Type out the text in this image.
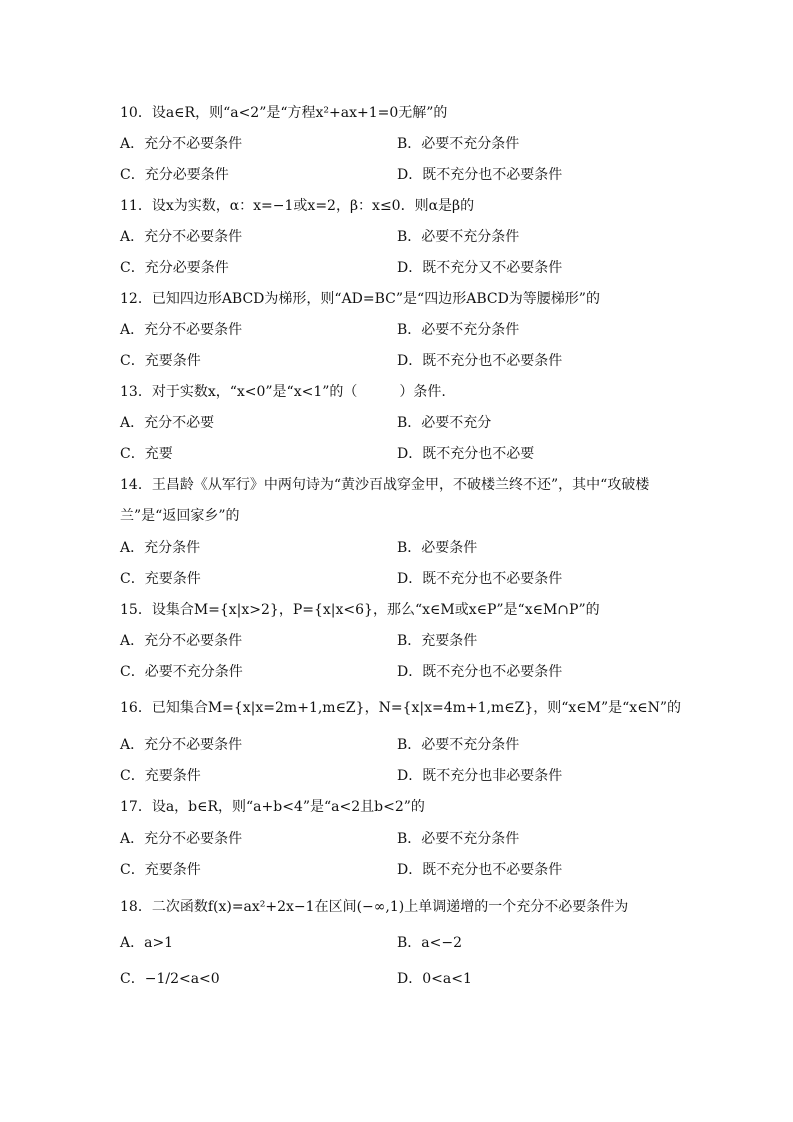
10．设a∈R，则“a<2”是“方程x²+ax+1=0无解”的
A．充分不必要条件	B．必要不充分条件
C．充分必要条件	D．既不充分也不必要条件
11．设x为实数，α：x=−1或x=2，β：x≤0．则α是β的
A．充分不必要条件	B．必要不充分条件
C．充分必要条件	D．既不充分又不必要条件
12．已知四边形ABCD为梯形，则“AD=BC”是“四边形ABCD为等腰梯形”的
A．充分不必要条件	B．必要不充分条件
C．充要条件	D．既不充分也不必要条件
13．对于实数x，“x<0”是“x<1”的（　　　）条件.
A．充分不必要	B．必要不充分
C．充要	D．既不充分也不必要
14．王昌龄《从军行》中两句诗为“黄沙百战穿金甲，不破楼兰终不还”，其中“攻破楼兰”是“返回家乡”的
A．充分条件	B．必要条件
C．充要条件	D．既不充分也不必要条件
15．设集合M={x|x>2}，P={x|x<6}，那么“x∈M或x∈P”是“x∈M∩P”的
A．充分不必要条件	B．充要条件
C．必要不充分条件	D．既不充分也不必要条件
16．已知集合M={x|x=2m+1,m∈Z}，N={x|x=4m+1,m∈Z}，则“x∈M”是“x∈N”的
A．充分不必要条件	B．必要不充分条件
C．充要条件	D．既不充分也非必要条件
17．设a，b∈R，则“a+b<4”是“a<2且b<2”的
A．充分不必要条件	B．必要不充分条件
C．充要条件	D．既不充分也不必要条件
18．二次函数f(x)=ax²+2x−1在区间(−∞,1)上单调递增的一个充分不必要条件为
A．a>1	B．a<−2
C．−1/2<a<0	D．0<a<1
